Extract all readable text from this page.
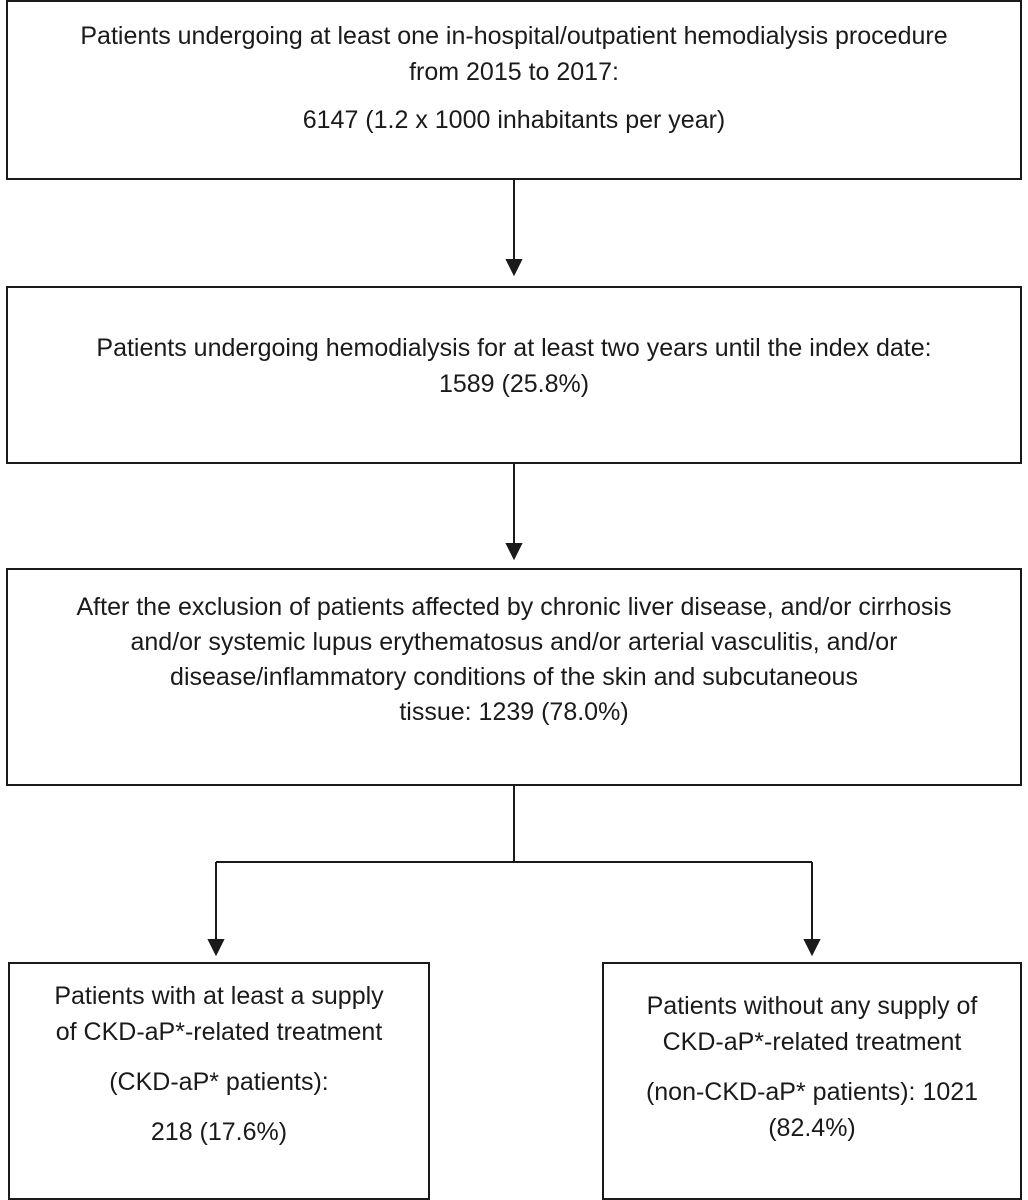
Patients undergoing at least one in-hospital/outpatient hemodialysis procedure
from 2015 to 2017:
6147 (1.2 x 1000 inhabitants per year)
Patients undergoing hemodialysis for at least two years until the index date:
1589 (25.8%)
After the exclusion of patients affected by chronic liver disease, and/or cirrhosis
and/or systemic lupus erythematosus and/or arterial vasculitis, and/or
disease/inflammatory conditions of the skin and subcutaneous
tissue: 1239 (78.0%)
Patients with at least a supply
of CKD-aP*-related treatment
(CKD-aP* patients):
218 (17.6%)
Patients without any supply of
CKD-aP*-related treatment
(non-CKD-aP* patients): 1021
(82.4%)
